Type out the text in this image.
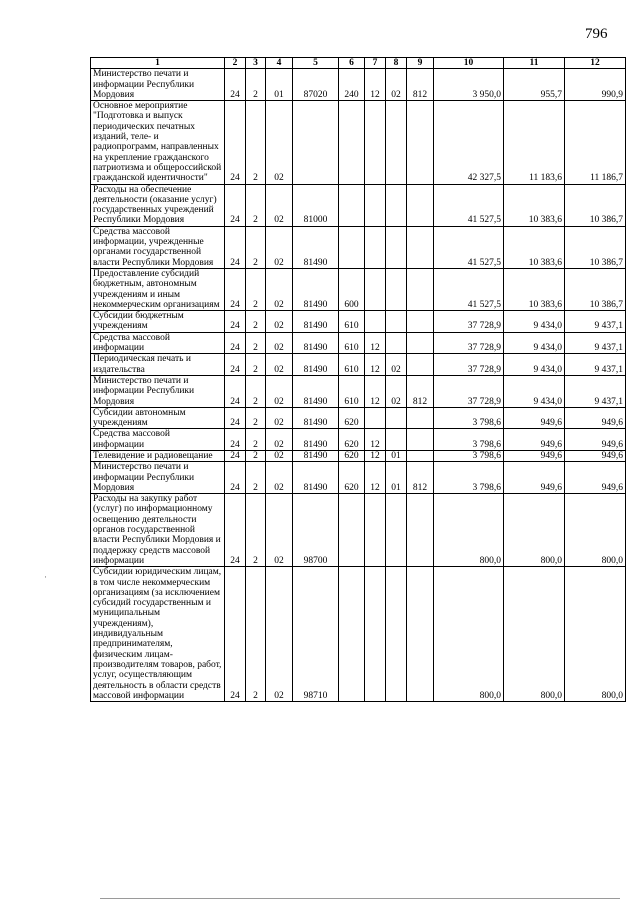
796
·
1	2	3	4	5	6	7	8	9	10	11	12
Министерство печати и информации Республики Мордовия	24	2	01	87020	240	12	02	812	3 950,0	955,7	990,9
Основное мероприятие "Подготовка и выпуск периодических печатных изданий, теле- и радиопрограмм, направленных на укрепление гражданского патриотизма и общероссийской гражданской идентичности"	24	2	02						42 327,5	11 183,6	11 186,7
Расходы на обеспечение деятельности (оказание услуг) государственных учреждений Республики Мордовия	24	2	02	81000					41 527,5	10 383,6	10 386,7
Средства массовой информации, учрежденные органами государственной власти Республики Мордовия	24	2	02	81490					41 527,5	10 383,6	10 386,7
Предоставление субсидий бюджетным, автономным учреждениям и иным некоммерческим организациям	24	2	02	81490	600				41 527,5	10 383,6	10 386,7
Субсидии бюджетным учреждениям	24	2	02	81490	610				37 728,9	9 434,0	9 437,1
Средства массовой информации	24	2	02	81490	610	12			37 728,9	9 434,0	9 437,1
Периодическая печать и издательства	24	2	02	81490	610	12	02		37 728,9	9 434,0	9 437,1
Министерство печати и информации Республики Мордовия	24	2	02	81490	610	12	02	812	37 728,9	9 434,0	9 437,1
Субсидии автономным учреждениям	24	2	02	81490	620				3 798,6	949,6	949,6
Средства массовой информации	24	2	02	81490	620	12			3 798,6	949,6	949,6
Телевидение и радиовещание	24	2	02	81490	620	12	01		3 798,6	949,6	949,6
Министерство печати и информации Республики Мордовия	24	2	02	81490	620	12	01	812	3 798,6	949,6	949,6
Расходы на закупку работ (услуг) по информационному освещению деятельности органов государственной власти Республики Мордовия и поддержку средств массовой информации	24	2	02	98700					800,0	800,0	800,0
Субсидии юридическим лицам, в том числе некоммерческим организациям (за исключением субсидий государственным и муниципальным учреждениям), индивидуальным предпринимателям, физическим лицам-производителям товаров, работ, услуг, осуществляющим деятельность в области средств массовой информации	24	2	02	98710					800,0	800,0	800,0
